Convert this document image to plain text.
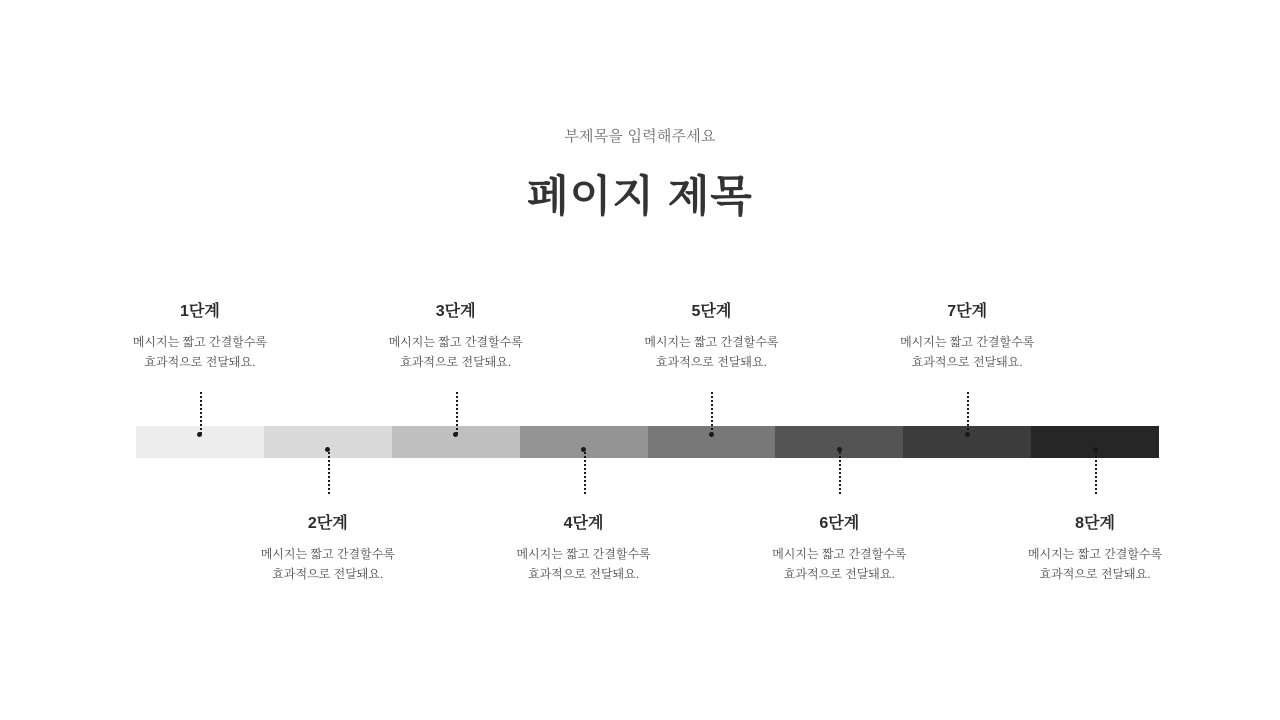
부제목을 입력해주세요

페이지 제목

1단계

메시지는 짧고 간결할수록
효과적으로 전달돼요.

2단계

메시지는 짧고 간결할수록
효과적으로 전달돼요.

3단계

메시지는 짧고 간결할수록
효과적으로 전달돼요.

4단계

메시지는 짧고 간결할수록
효과적으로 전달돼요.

5단계

메시지는 짧고 간결할수록
효과적으로 전달돼요.

6단계

메시지는 짧고 간결할수록
효과적으로 전달돼요.

7단계

메시지는 짧고 간결할수록
효과적으로 전달돼요.

8단계

메시지는 짧고 간결할수록
효과적으로 전달돼요.
